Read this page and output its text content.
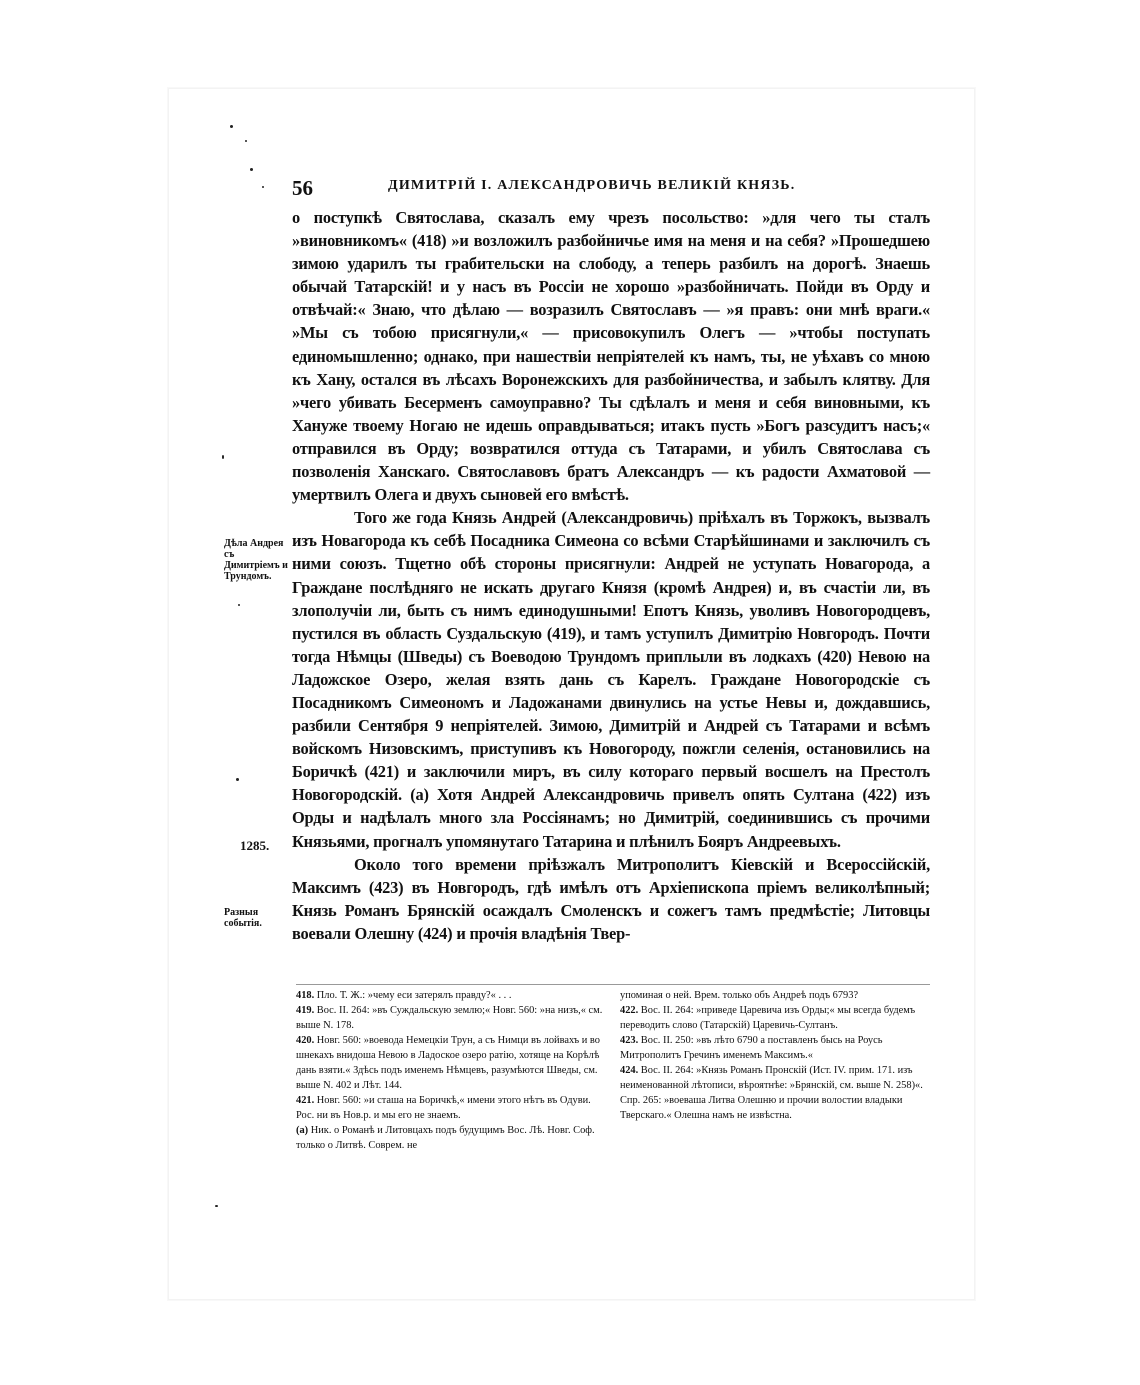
56	ДИМИТРІЙ I. АЛЕКСАНДРОВИЧЬ ВЕЛИКІЙ КНЯЗЬ.
Дѣла Андрея съ Димитріемъ и Трундомъ.
1285.
Разныя событія.

о поступкѣ Святослава, сказалъ ему чрезъ посольство: »для чего ты сталъ »виновникомъ« (418) »и возложилъ разбойничье имя на меня и на себя? »Прошедшею зимою ударилъ ты грабительски на слободу, а теперь разбилъ на дорогѣ. Знаешь обычай Татарскій! и у насъ въ Россіи не хорошо »разбойничать. Пойди въ Орду и отвѣчай:« Знаю, что дѣлаю — возразилъ Святославъ — »я правъ: они мнѣ враги.« »Мы съ тобою присягнули,« — присовокупилъ Олегъ — »чтобы поступать единомышленно; однако, при нашествіи непріятелей къ намъ, ты, не уѣхавъ со мною къ Хану, остался въ лѣсахъ Воронежскихъ для разбойничества, и забылъ клятву. Для »чего убивать Бесерменъ самоуправно? Ты сдѣлалъ и меня и себя виновными, къ Хануже твоему Ногаю не идешь оправдываться; итакъ пусть »Богъ разсудитъ насъ;« отправился въ Орду; возвратился оттуда съ Татарами, и убилъ Святослава съ позволенія Ханскаго. Святославовъ братъ Александръ — къ радости Ахматовой — умертвилъ Олега и двухъ сыновей его вмѣстѣ.

Того же года Князь Андрей (Александровичь) пріѣхалъ въ Торжокъ, вызвалъ изъ Новагорода къ себѣ Посадника Симеона со всѣми Старѣйшинами и заключилъ съ ними союзъ. Тщетно обѣ стороны присягнули: Андрей не уступать Новагорода, а Граждане послѣдняго не искать другаго Князя (кромѣ Андрея) и, въ счастіи ли, въ злополучіи ли, быть съ нимъ единодушными! Епотъ Князь, уволивъ Новогородцевъ, пустился въ область Суздальскую (419), и тамъ уступилъ Димитрію Новгородъ. Почти тогда Нѣмцы (Шведы) съ Воеводою Трундомъ приплыли въ лодкахъ (420) Невою на Ладожское Озеро, желая взять дань съ Карелъ. Граждане Новогородскіе съ Посадникомъ Симеономъ и Ладожанами двинулись на устье Невы и, дождавшись, разбили Сентября 9 непріятелей. Зимою, Димитрій и Андрей съ Татарами и всѣмъ войскомъ Низовскимъ, приступивъ къ Новогороду, пожгли селенія, остановились на Боричкѣ (421) и заключили миръ, въ силу котораго первый восшелъ на Престолъ Новогородскій. (а) Хотя Андрей Александровичь привелъ опять Султана (422) изъ Орды и надѣлалъ много зла Россіянамъ; но Димитрій, соединившись съ прочими Князьями, прогналъ упомянутаго Татарина и плѣнилъ Бояръ Андреевыхъ.

Около того времени пріѣзжалъ Митрополитъ Кіевскій и Всероссійскій, Максимъ (423) въ Новгородъ, гдѣ имѣлъ отъ Архіепископа пріемъ великолѣпный; Князь Романъ Брянскій осаждалъ Смоленскъ и сожегъ тамъ предмѣстіе; Литовцы воевали Олешну (424) и прочія владѣнія Твер-

418. Пло. Т. Ж.: »чему еси затерялъ правду?« . . .

419. Вос. II. 264: »въ Суждальскую землю;« Новг. 560: »на низъ,« см. выше N. 178.

420. Новг. 560: »воевода Немецкіи Трун, а съ Нимци въ лойвахъ и во шнекахъ внидоша Невою в Ладоское озеро ратію, хотяще на Корѣлѣ дань взяти.« Здѣсь подъ именемъ Нѣмцевъ, разумѣются Шведы, см. выше N. 402 и Лѣт. 144.

421. Новг. 560: »и сташа на Боричкѣ,« имени этого нѣтъ въ Одуви. Рос. ни въ Нов.р. и мы его не знаемъ.

(а) Ник. о Романѣ и Литовцахъ подъ будущимъ Вос. Лѣ. Новг. Соф. только о Литвѣ. Соврем. не

упоминая о ней. Врем. только объ Андреѣ подъ 6793?

422. Вос. II. 264: »приведе Царевича изъ Орды;« мы всегда будемъ переводить слово (Татарскій) Царевичь-Султанъ.

423. Вос. II. 250: »въ лѣто 6790 а поставленъ бысь на Роусь Митрополитъ Гречинъ именемъ Максимъ.«

424. Вос. II. 264: »Князь Романъ Пронскій (Ист. IV. прим. 171. изъ неименованной лѣтописи, вѣроятнѣе: »Брянскій, см. выше N. 258)«. Спр. 265: »воеваша Литва Олешню и прочии волостии владыки Тверскаго.« Олешна намъ не извѣстна.
